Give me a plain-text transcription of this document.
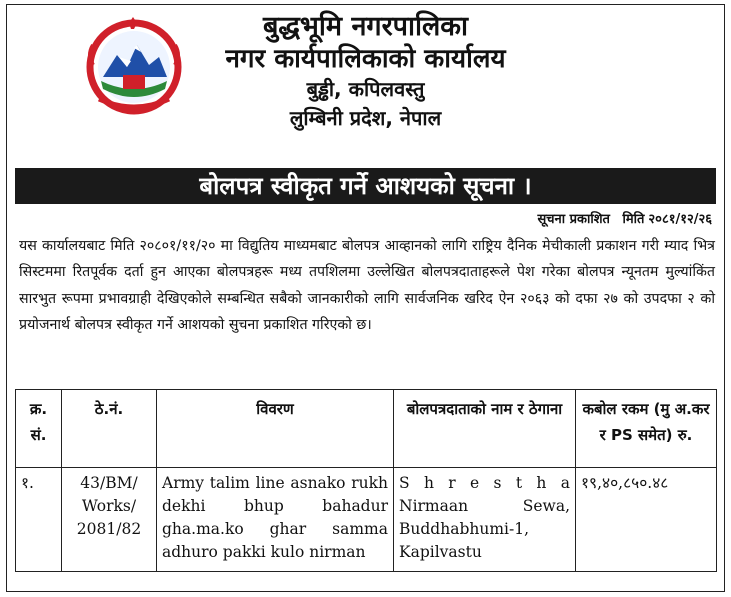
बुद्धभूमि नगरपालिका
नगर कार्यपालिकाको कार्यालय
बुड्ढी, कपिलवस्तु
लुम्बिनी प्रदेश, नेपाल
बोलपत्र स्वीकृत गर्ने आशयको सूचना ।
सूचना प्रकाशित मिति २०८१/१२/२६
यस कार्यालयबाट मिति २०८०१/११/२० मा विद्युतिय माध्यमबाट बोलपत्र आव्हानको लागि राष्ट्रिय दैनिक मेचीकाली प्रकाशन गरी म्याद भित्र सिस्टममा रितपूर्वक दर्ता हुन आएका बोलपत्रहरू मध्य तपशिलमा उल्लेखित बोलपत्रदाताहरूले पेश गरेका बोलपत्र न्यूनतम मुल्यांकिंत सारभुत रूपमा प्रभावग्राही देखिएकोले सम्बन्धित सबैको जानकारीको लागि सार्वजनिक खरिद ऐन २०६३ को दफा २७ को उपदफा २ को प्रयोजनार्थ बोलपत्र स्वीकृत गर्ने आशयको सुचना प्रकाशित गरिएको छ।
क्र. सं.	ठे.नं.	विवरण	बोलपत्रदाताको नाम र ठेगाना	कबोल रकम (मु अ.कर र PS समेत) रु.
१.	43/BM/ Works/ 2081/82	Army talim line asnako rukh dekhi bhup bahadur gha.ma.ko ghar samma adhuro pakki kulo nirman	S h r e s t h a Nirmaan Sewa, Buddhabhumi-1, Kapilvastu	१९,४०,८५०.४८
